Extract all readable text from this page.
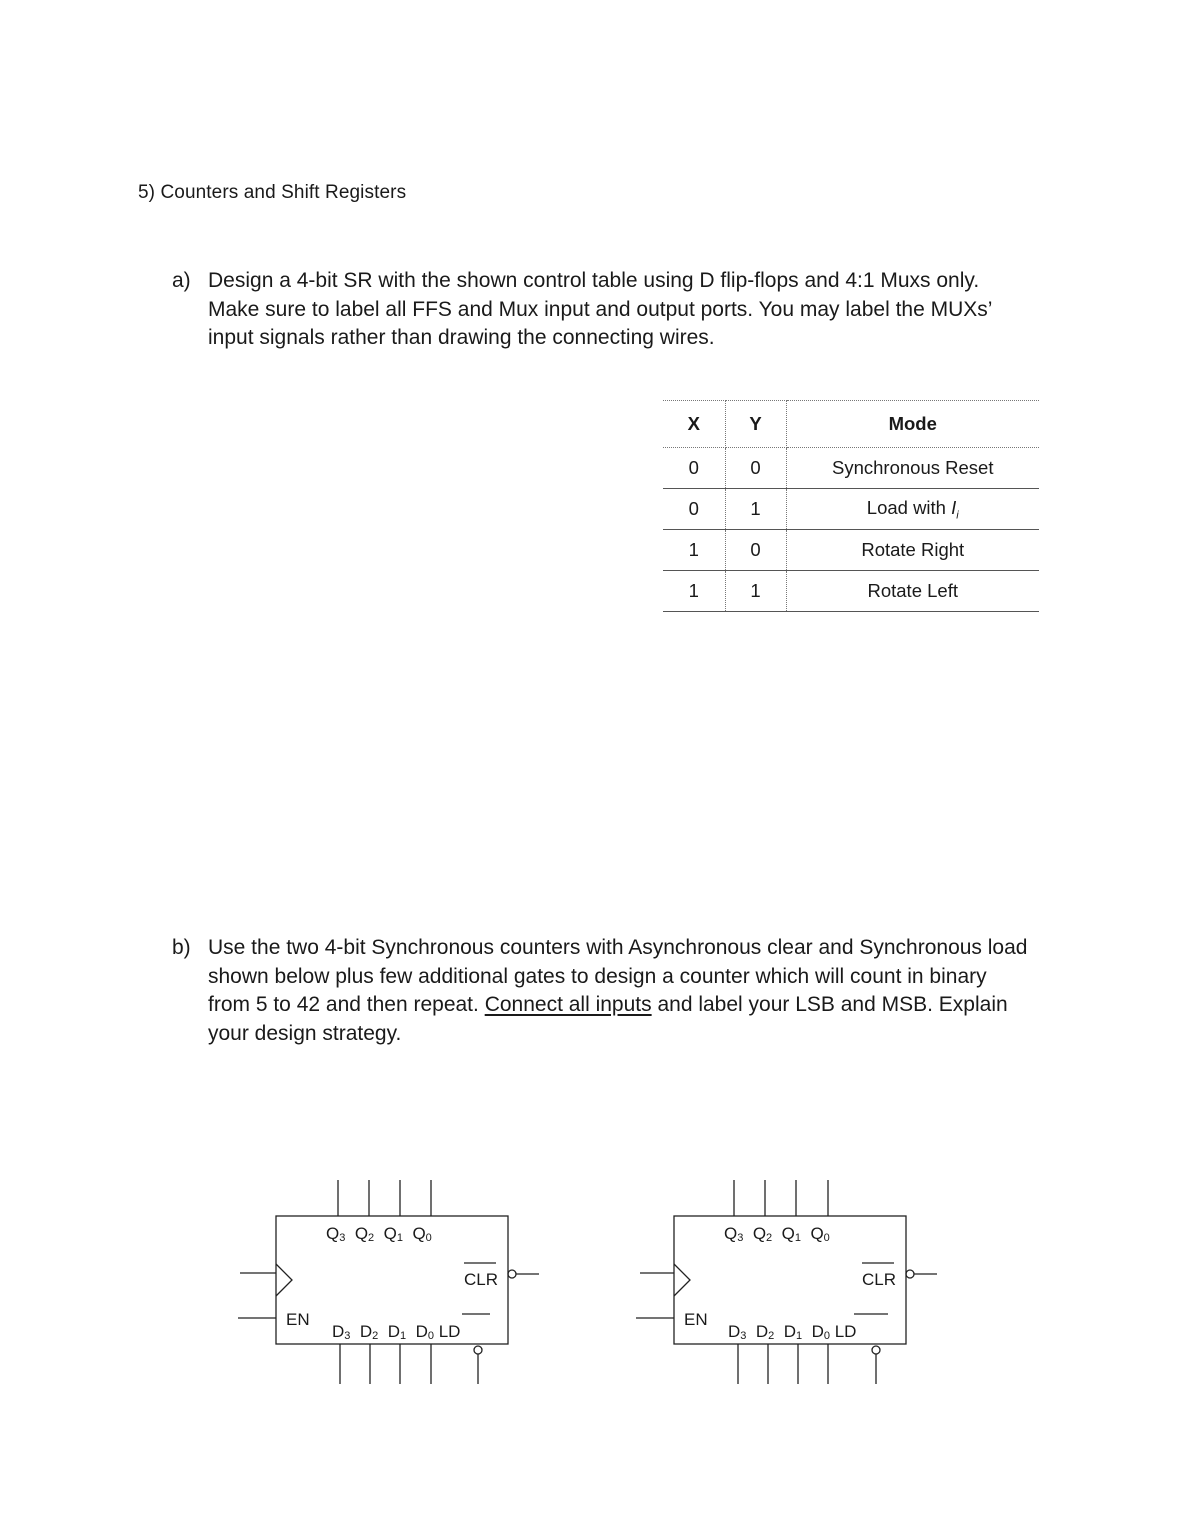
5) Counters and Shift Registers
a) Design a 4-bit SR with the shown control table using D flip-flops and 4:1 Muxs only.
Make sure to label all FFS and Mux input and output ports. You may label the MUXs’
input signals rather than drawing the connecting wires.
X	Y	Mode
0	0	Synchronous Reset
0	1	Load with $I_i$
1	0	Rotate Right
1	1	Rotate Left
b) Use the two 4-bit Synchronous counters with Asynchronous clear and Synchronous load
shown below plus few additional gates to design a counter which will count in binary
from 5 to 42 and then repeat. Connect all inputs and label your LSB and MSB. Explain
your design strategy.
$Q_3$ $Q_2$ $Q_1$ $Q_0$
CLR
EN
$D_3$ $D_2$ $D_1$ $D_0$ LD
$Q_3$ $Q_2$ $Q_1$ $Q_0$
CLR
EN
$D_3$ $D_2$ $D_1$ $D_0$ LD
